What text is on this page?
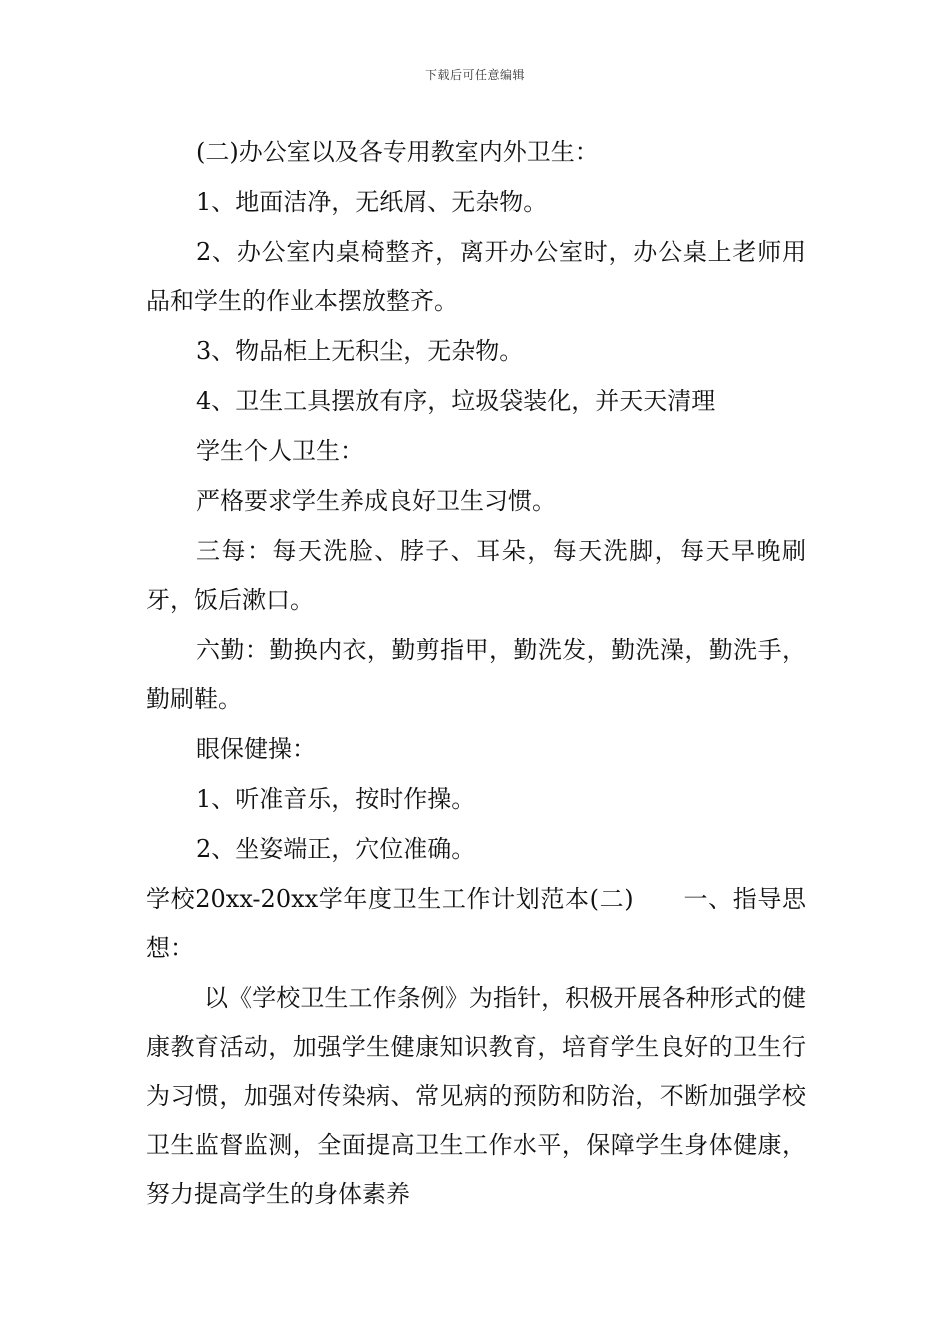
下载后可任意编辑

(二)办公室以及各专用教室内外卫生：

1、地面洁净，无纸屑、无杂物。

2、办公室内桌椅整齐，离开办公室时，办公桌上老师用品和学生的作业本摆放整齐。

3、物品柜上无积尘，无杂物。

4、卫生工具摆放有序，垃圾袋装化，并天天清理

学生个人卫生：

严格要求学生养成良好卫生习惯。

三每：每天洗脸、脖子、耳朵，每天洗脚，每天早晚刷牙，饭后漱口。

六勤：勤换内衣，勤剪指甲，勤洗发，勤洗澡，勤洗手，勤刷鞋。

眼保健操：

1、听准音乐，按时作操。

2、坐姿端正，穴位准确。

学校20xx-20xx学年度卫生工作计划范本(二)　　一、指导思想：

以《学校卫生工作条例》为指针，积极开展各种形式的健康教育活动，加强学生健康知识教育，培育学生良好的卫生行为习惯，加强对传染病、常见病的预防和防治，不断加强学校卫生监督监测，全面提高卫生工作水平，保障学生身体健康，努力提高学生的身体素养
